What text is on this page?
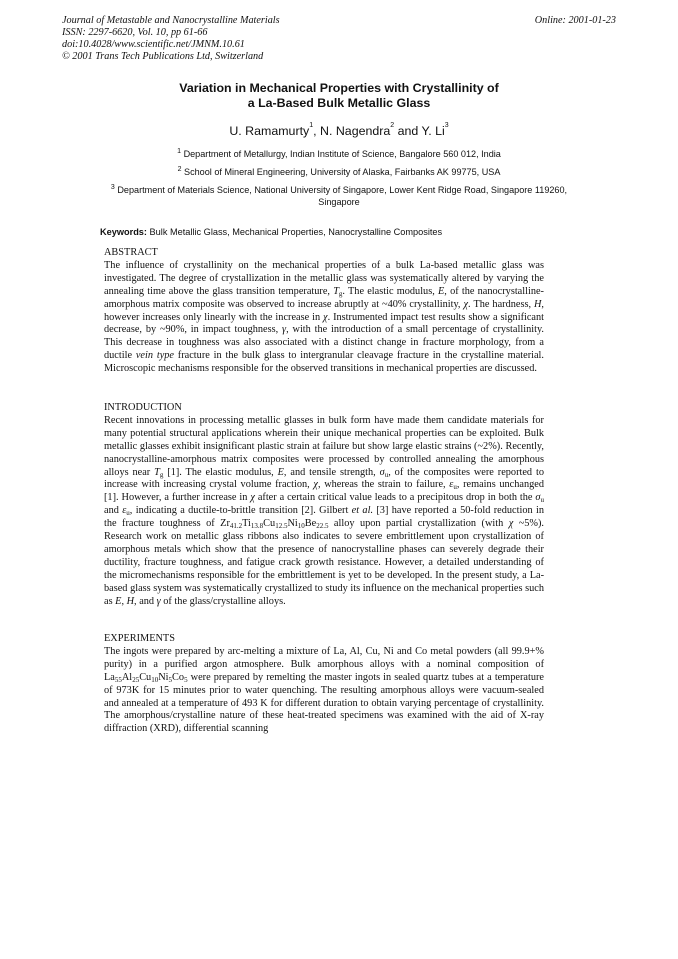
Journal of Metastable and Nanocrystalline Materials
ISSN: 2297-6620, Vol. 10, pp 61-66
doi:10.4028/www.scientific.net/JMNM.10.61
© 2001 Trans Tech Publications Ltd, Switzerland
Online: 2001-01-23
Variation in Mechanical Properties with Crystallinity of
a La-Based Bulk Metallic Glass
U. Ramamurty$^1$, N. Nagendra$^2$ and Y. Li$^3$
$^1$ Department of Metallurgy, Indian Institute of Science, Bangalore 560 012, India
$^2$ School of Mineral Engineering, University of Alaska, Fairbanks AK 99775, USA
$^3$ Department of Materials Science, National University of Singapore, Lower Kent Ridge Road, Singapore 119260, Singapore
Keywords: Bulk Metallic Glass, Mechanical Properties, Nanocrystalline Composites
ABSTRACT

The influence of crystallinity on the mechanical properties of a bulk La-based metallic glass was investigated. The degree of crystallization in the metallic glass was systematically altered by varying the annealing time above the glass transition temperature, $T_g$. The elastic modulus, E, of the nanocrystalline-amorphous matrix composite was observed to increase abruptly at ~40% crystallinity, χ. The hardness, H, however increases only linearly with the increase in χ. Instrumented impact test results show a significant decrease, by ~90%, in impact toughness, γ, with the introduction of a small percentage of crystallinity. This decrease in toughness was also associated with a distinct change in fracture morphology, from a ductile vein type fracture in the bulk glass to intergranular cleavage fracture in the crystalline material. Microscopic mechanisms responsible for the observed transitions in mechanical properties are discussed.

INTRODUCTION

Recent innovations in processing metallic glasses in bulk form have made them candidate materials for many potential structural applications wherein their unique mechanical properties can be exploited. Bulk metallic glasses exhibit insignificant plastic strain at failure but show large elastic strains (~2%). Recently, nanocrystalline-amorphous matrix composites were processed by controlled annealing the amorphous alloys near $T_g$ [1]. The elastic modulus, E, and tensile strength, $\sigma_u$, of the composites were reported to increase with increasing crystal volume fraction, χ, whereas the strain to failure, $\varepsilon_u$, remains unchanged [1]. However, a further increase in χ after a certain critical value leads to a precipitous drop in both the $\sigma_u$ and $\varepsilon_u$, indicating a ductile-to-brittle transition [2]. Gilbert et al. [3] have reported a 50-fold reduction in the fracture toughness of $Zr_{41.2}Ti_{13.8}Cu_{12.5}Ni_{10}Be_{22.5}$ alloy upon partial crystallization (with χ ~5%). Research work on metallic glass ribbons also indicates to severe embrittlement upon crystallization of amorphous metals which show that the presence of nanocrystalline phases can severely degrade their ductility, fracture toughness, and fatigue crack growth resistance. However, a detailed understanding of the micromechanisms responsible for the embrittlement is yet to be developed. In the present study, a La-based glass system was systematically crystallized to study its influence on the mechanical properties such as E, H, and γ of the glass/crystalline alloys.

EXPERIMENTS

The ingots were prepared by arc-melting a mixture of La, Al, Cu, Ni and Co metal powders (all 99.9+% purity) in a purified argon atmosphere. Bulk amorphous alloys with a nominal composition of $La_{55}Al_{25}Cu_{10}Ni_5Co_5$ were prepared by remelting the master ingots in sealed quartz tubes at a temperature of 973K for 15 minutes prior to water quenching. The resulting amorphous alloys were vacuum-sealed and annealed at a temperature of 493 K for different duration to obtain varying percentage of crystallinity. The amorphous/crystalline nature of these heat-treated specimens was examined with the aid of X-ray diffraction (XRD), differential scanning
